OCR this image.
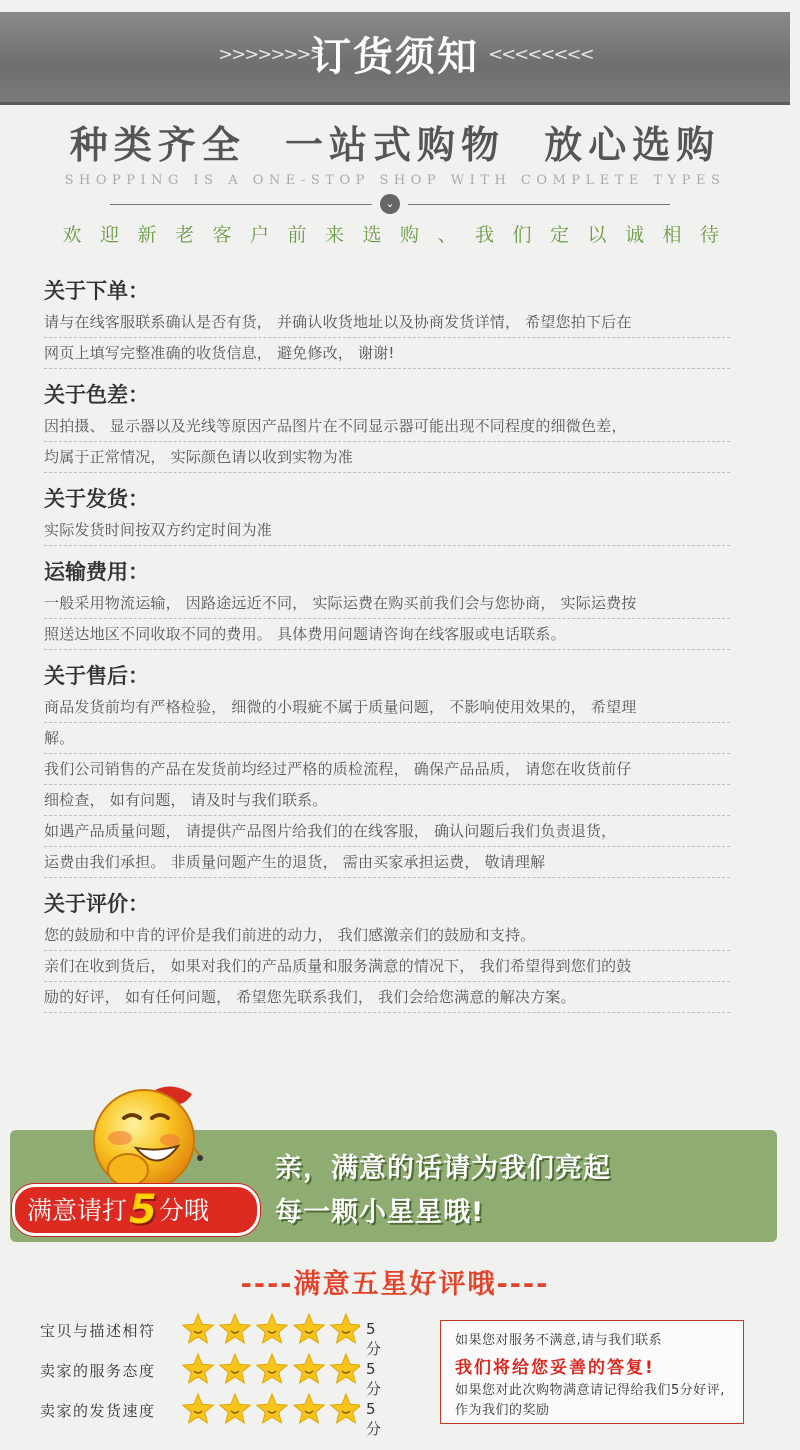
>>>>>>>>	<<<<<<<<
订货须知
种类齐全 一站式购物 放心选购
SHOPPING IS A ONE-STOP SHOP WITH COMPLETE TYPES
⌄
欢迎新老客户前来选购、我们定以诚相待
关于下单：
请与在线客服联系确认是否有货， 并确认收货地址以及协商发货详情， 希望您拍下后在
网页上填写完整准确的收货信息， 避免修改， 谢谢!
关于色差：
因拍摄、 显示器以及光线等原因产品图片在不同显示器可能出现不同程度的细微色差，
均属于正常情况， 实际颜色请以收到实物为准
关于发货：
实际发货时间按双方约定时间为准
运输费用：
一般采用物流运输， 因路途远近不同， 实际运费在购买前我们会与您协商， 实际运费按
照送达地区不同收取不同的费用。 具体费用问题请咨询在线客服或电话联系。
关于售后：
商品发货前均有严格检验， 细微的小瑕疵不属于质量问题， 不影响使用效果的， 希望理
解。
我们公司销售的产品在发货前均经过严格的质检流程， 确保产品品质， 请您在收货前仔
细检查， 如有问题， 请及时与我们联系。
如遇产品质量问题， 请提供产品图片给我们的在线客服， 确认问题后我们负责退货，
运费由我们承担。 非质量问题产生的退货， 需由买家承担运费， 敬请理解
关于评价：
您的鼓励和中肯的评价是我们前进的动力， 我们感激亲们的鼓励和支持。
亲们在收到货后， 如果对我们的产品质量和服务满意的情况下， 我们希望得到您们的鼓
励的好评， 如有任何问题， 希望您先联系我们， 我们会给您满意的解决方案。
亲，满意的话请为我们亮起
每一颗小星星哦!
满意请打5分哦
----满意五星好评哦----
宝贝与描述相符	5分
卖家的服务态度	5分
卖家的发货速度	5分
如果您对服务不满意,请与我们联系
我们将给您妥善的答复!
如果您对此次购物满意请记得给我们5分好评,作为我们的奖励
